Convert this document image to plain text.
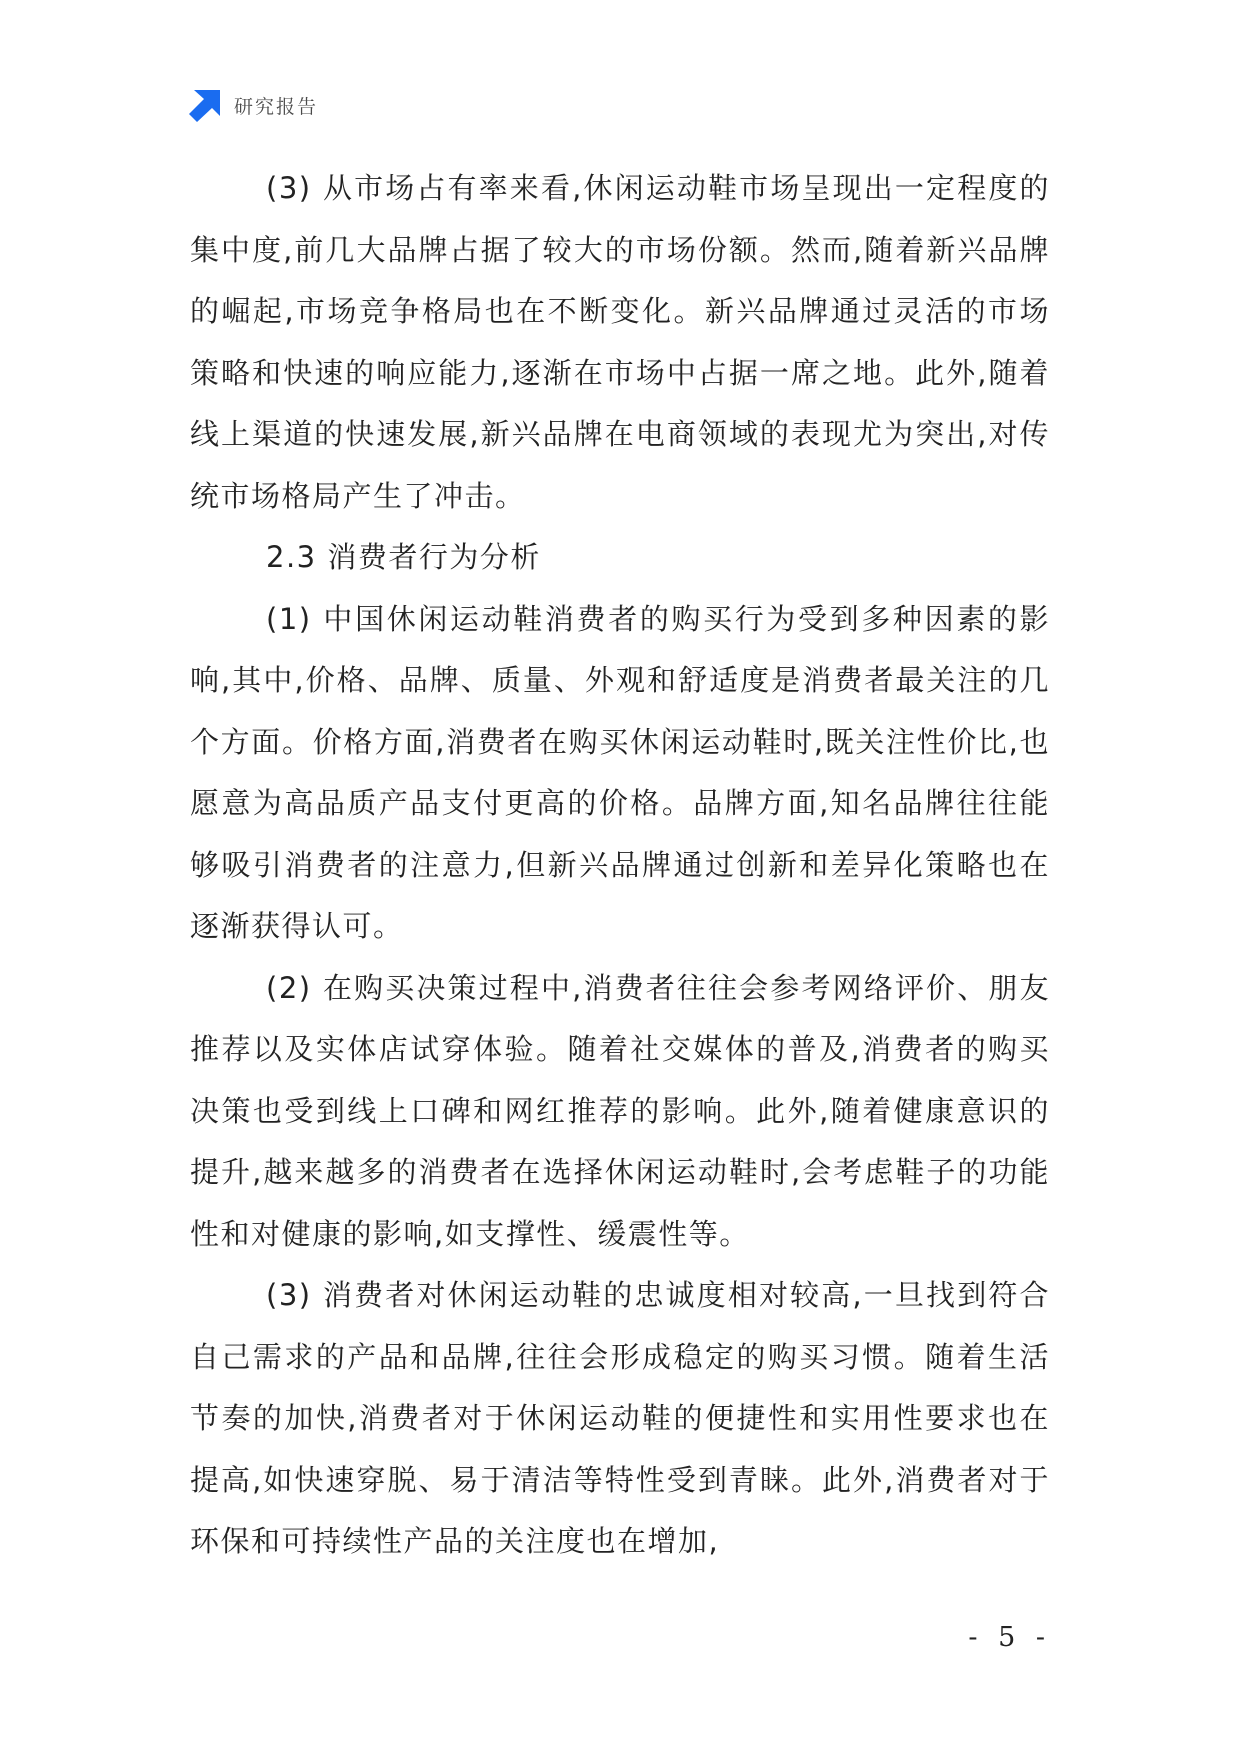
研究报告

(3) 从市场占有率来看,休闲运动鞋市场呈现出一定程度的集中度,前几大品牌占据了较大的市场份额。然而,随着新兴品牌的崛起,市场竞争格局也在不断变化。新兴品牌通过灵活的市场策略和快速的响应能力,逐渐在市场中占据一席之地。此外,随着线上渠道的快速发展,新兴品牌在电商领域的表现尤为突出,对传统市场格局产生了冲击。

2.3 消费者行为分析

(1) 中国休闲运动鞋消费者的购买行为受到多种因素的影响,其中,价格、品牌、质量、外观和舒适度是消费者最关注的几个方面。价格方面,消费者在购买休闲运动鞋时,既关注性价比,也愿意为高品质产品支付更高的价格。品牌方面,知名品牌往往能够吸引消费者的注意力,但新兴品牌通过创新和差异化策略也在逐渐获得认可。

(2) 在购买决策过程中,消费者往往会参考网络评价、朋友推荐以及实体店试穿体验。随着社交媒体的普及,消费者的购买决策也受到线上口碑和网红推荐的影响。此外,随着健康意识的提升,越来越多的消费者在选择休闲运动鞋时,会考虑鞋子的功能性和对健康的影响,如支撑性、缓震性等。

(3) 消费者对休闲运动鞋的忠诚度相对较高,一旦找到符合自己需求的产品和品牌,往往会形成稳定的购买习惯。随着生活节奏的加快,消费者对于休闲运动鞋的便捷性和实用性要求也在提高,如快速穿脱、易于清洁等特性受到青睐。此外,消费者对于环保和可持续性产品的关注度也在增加,

- 5 -
